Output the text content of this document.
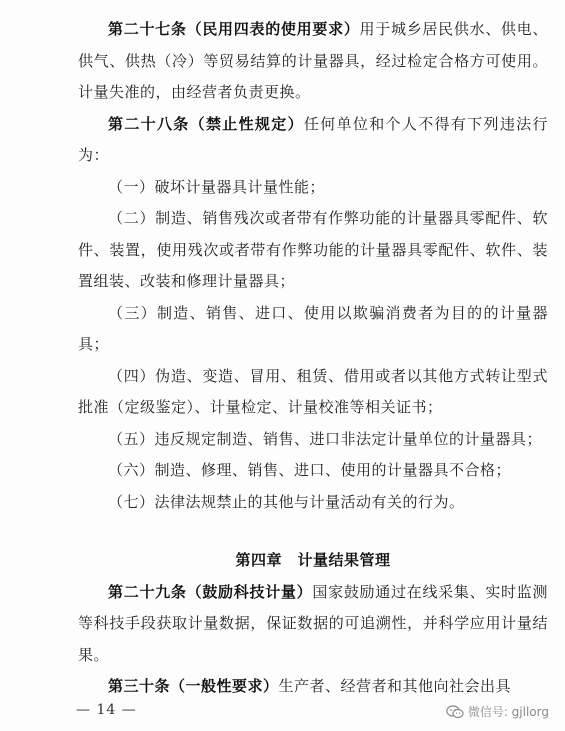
第二十七条（民用四表的使用要求）用于城乡居民供水、供电、供气、供热（冷）等贸易结算的计量器具，经过检定合格方可使用。计量失准的，由经营者负责更换。

第二十八条（禁止性规定）任何单位和个人不得有下列违法行为：

（一）破坏计量器具计量性能；

（二）制造、销售残次或者带有作弊功能的计量器具零配件、软件、装置，使用残次或者带有作弊功能的计量器具零配件、软件、装置组装、改装和修理计量器具；

（三）制造、销售、进口、使用以欺骗消费者为目的的计量器具；

（四）伪造、变造、冒用、租赁、借用或者以其他方式转让型式批准（定级鉴定）、计量检定、计量校准等相关证书；

（五）违反规定制造、销售、进口非法定计量单位的计量器具；

（六）制造、修理、销售、进口、使用的计量器具不合格；

（七）法律法规禁止的其他与计量活动有关的行为。

第四章　计量结果管理

第二十九条（鼓励科技计量）国家鼓励通过在线采集、实时监测等科技手段获取计量数据，保证数据的可追溯性，并科学应用计量结果。

第三十条（一般性要求）生产者、经营者和其他向社会出具

— 14 —	微信号: gjllorg
